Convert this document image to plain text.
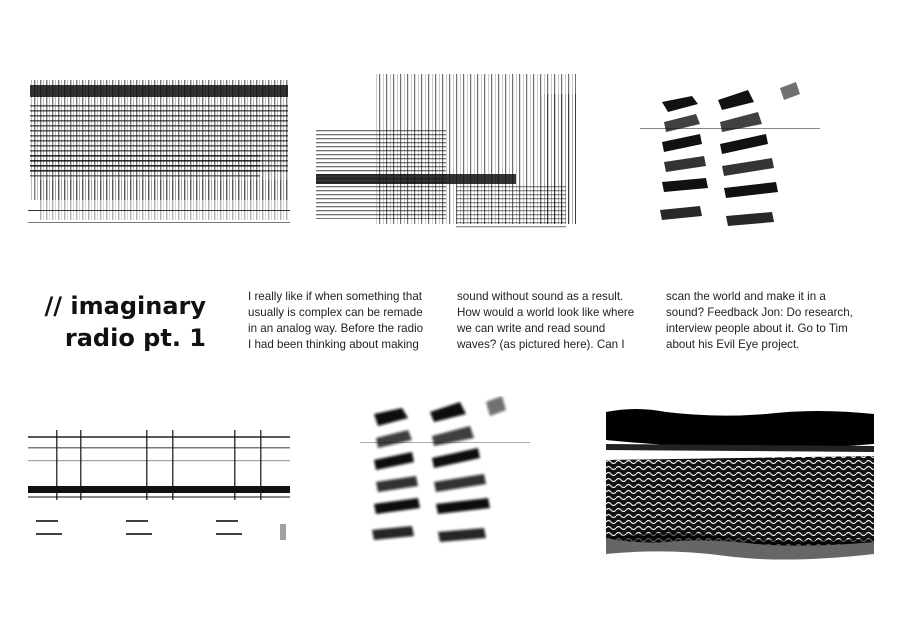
// imaginary
radio pt. 1
I really like if when something that
usually is complex can be remade
in an analog way. Before the radio
I had been thinking about making
sound without sound as a result.
How would a world look like where
we can write and read sound
waves? (as pictured here). Can I
scan the world and make it in a
sound? Feedback Jon: Do research,
interview people about it. Go to Tim
about his Evil Eye project.
